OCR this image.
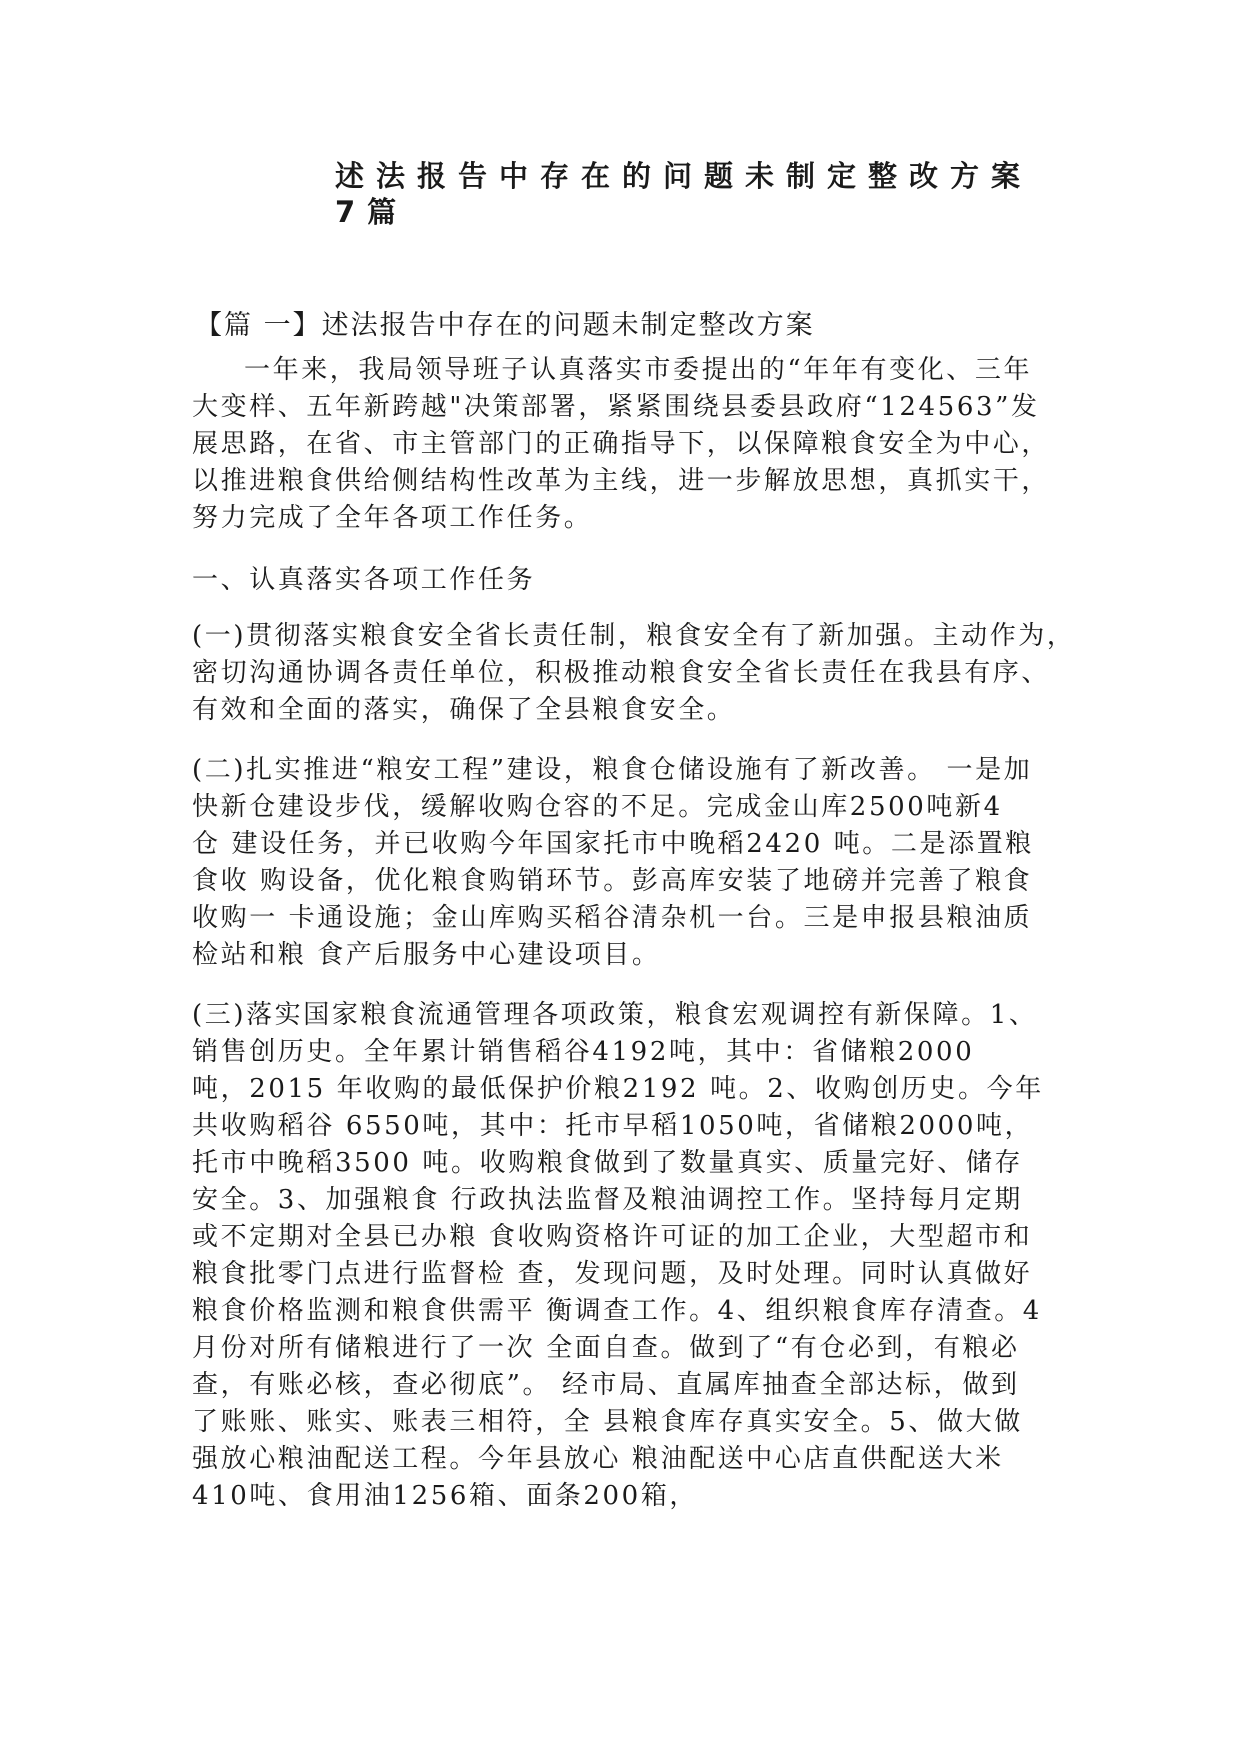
述法报告中存在的问题未制定整改方案
7篇

【篇 一】述法报告中存在的问题未制定整改方案

一年来，我局领导班子认真落实市委提出的“年年有变化、三年
大变样、五年新跨越"决策部署，紧紧围绕县委县政府“124563”发
展思路，在省、市主管部门的正确指导下，以保障粮食安全为中心，
以推进粮食供给侧结构性改革为主线，进一步解放思想，真抓实干，
努力完成了全年各项工作任务。

一、认真落实各项工作任务

(一)贯彻落实粮食安全省长责任制，粮食安全有了新加强。主动作为，
密切沟通协调各责任单位，积极推动粮食安全省长责任在我县有序、
有效和全面的落实，确保了全县粮食安全。

(二)扎实推进“粮安工程”建设，粮食仓储设施有了新改善。 一是加
快新仓建设步伐，缓解收购仓容的不足。完成金山库2500吨新4
仓 建设任务，并已收购今年国家托市中晚稻2420 吨。二是添置粮
食收 购设备，优化粮食购销环节。彭高库安装了地磅并完善了粮食
收购一 卡通设施；金山库购买稻谷清杂机一台。三是申报县粮油质
检站和粮 食产后服务中心建设项目。

(三)落实国家粮食流通管理各项政策，粮食宏观调控有新保障。1、
销售创历史。全年累计销售稻谷4192吨，其中：省储粮2000
吨，2015 年收购的最低保护价粮2192 吨。2、收购创历史。今年
共收购稻谷 6550吨，其中：托市早稻1050吨，省储粮2000吨，
托市中晚稻3500 吨。收购粮食做到了数量真实、质量完好、储存
安全。3、加强粮食 行政执法监督及粮油调控工作。坚持每月定期
或不定期对全县已办粮 食收购资格许可证的加工企业，大型超市和
粮食批零门点进行监督检 查，发现问题，及时处理。同时认真做好
粮食价格监测和粮食供需平 衡调查工作。4、组织粮食库存清查。4
月份对所有储粮进行了一次 全面自查。做到了“有仓必到，有粮必
查，有账必核，查必彻底”。 经市局、直属库抽查全部达标，做到
了账账、账实、账表三相符，全 县粮食库存真实安全。5、做大做
强放心粮油配送工程。今年县放心 粮油配送中心店直供配送大米
410吨、食用油1256箱、面条200箱，
